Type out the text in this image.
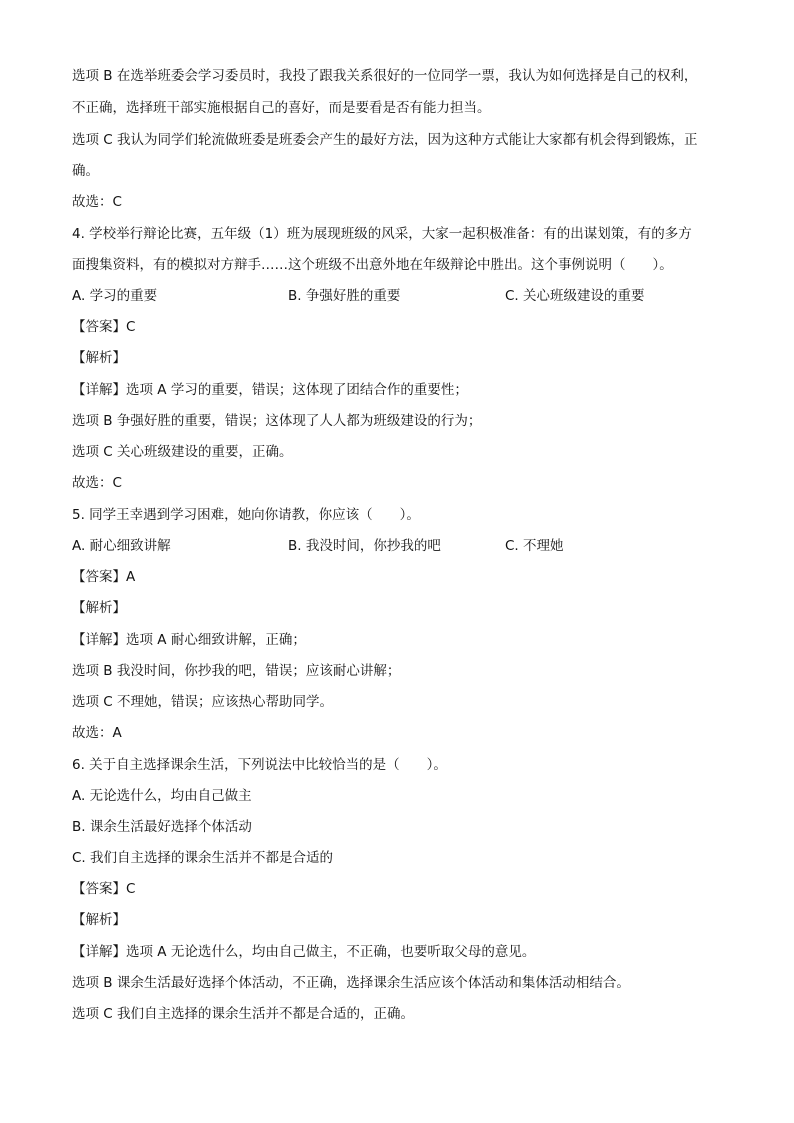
选项 B 在选举班委会学习委员时，我投了跟我关系很好的一位同学一票，我认为如何选择是自己的权利，
不正确，选择班干部实施根据自己的喜好，而是要看是否有能力担当。
选项 C 我认为同学们轮流做班委是班委会产生的最好方法，因为这种方式能让大家都有机会得到锻炼，正
确。
故选：C
4. 学校举行辩论比赛，五年级（1）班为展现班级的风采，大家一起积极准备：有的出谋划策，有的多方
面搜集资料，有的模拟对方辩手……这个班级不出意外地在年级辩论中胜出。这个事例说明（　　）。
A. 学习的重要	B. 争强好胜的重要	C. 关心班级建设的重要
【答案】C
【解析】
【详解】选项 A 学习的重要，错误；这体现了团结合作的重要性；
选项 B 争强好胜的重要，错误；这体现了人人都为班级建设的行为；
选项 C 关心班级建设的重要，正确。
故选：C
5. 同学王幸遇到学习困难，她向你请教，你应该（　　）。
A. 耐心细致讲解	B. 我没时间，你抄我的吧	C. 不理她
【答案】A
【解析】
【详解】选项 A 耐心细致讲解，正确；
选项 B 我没时间，你抄我的吧，错误；应该耐心讲解；
选项 C 不理她，错误；应该热心帮助同学。
故选：A
6. 关于自主选择课余生活，下列说法中比较恰当的是（　　）。
A. 无论选什么，均由自己做主
B. 课余生活最好选择个体活动
C. 我们自主选择的课余生活并不都是合适的
【答案】C
【解析】
【详解】选项 A 无论选什么，均由自己做主，不正确，也要听取父母的意见。
选项 B 课余生活最好选择个体活动，不正确，选择课余生活应该个体活动和集体活动相结合。
选项 C 我们自主选择的课余生活并不都是合适的，正确。
